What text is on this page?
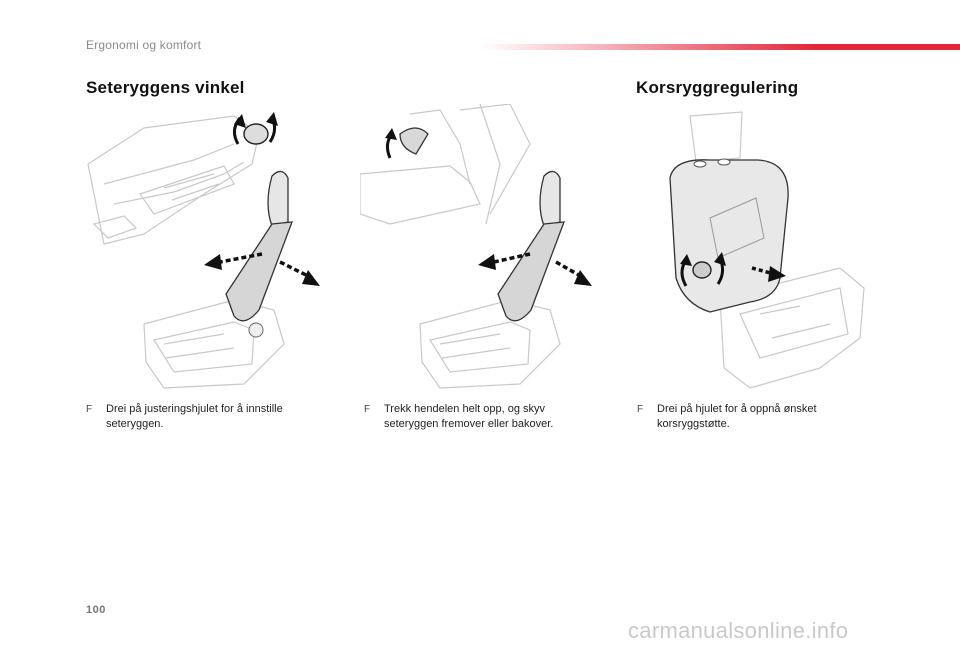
Ergonomi og komfort
Seteryggens vinkel	Korsryggregulering
F	Drei på justeringshjulet for å innstille seteryggen.
F	Trekk hendelen helt opp, og skyv seteryggen fremover eller bakover.
F	Drei på hjulet for å oppnå ønsket korsryggstøtte.
100
carmanualsonline.info
